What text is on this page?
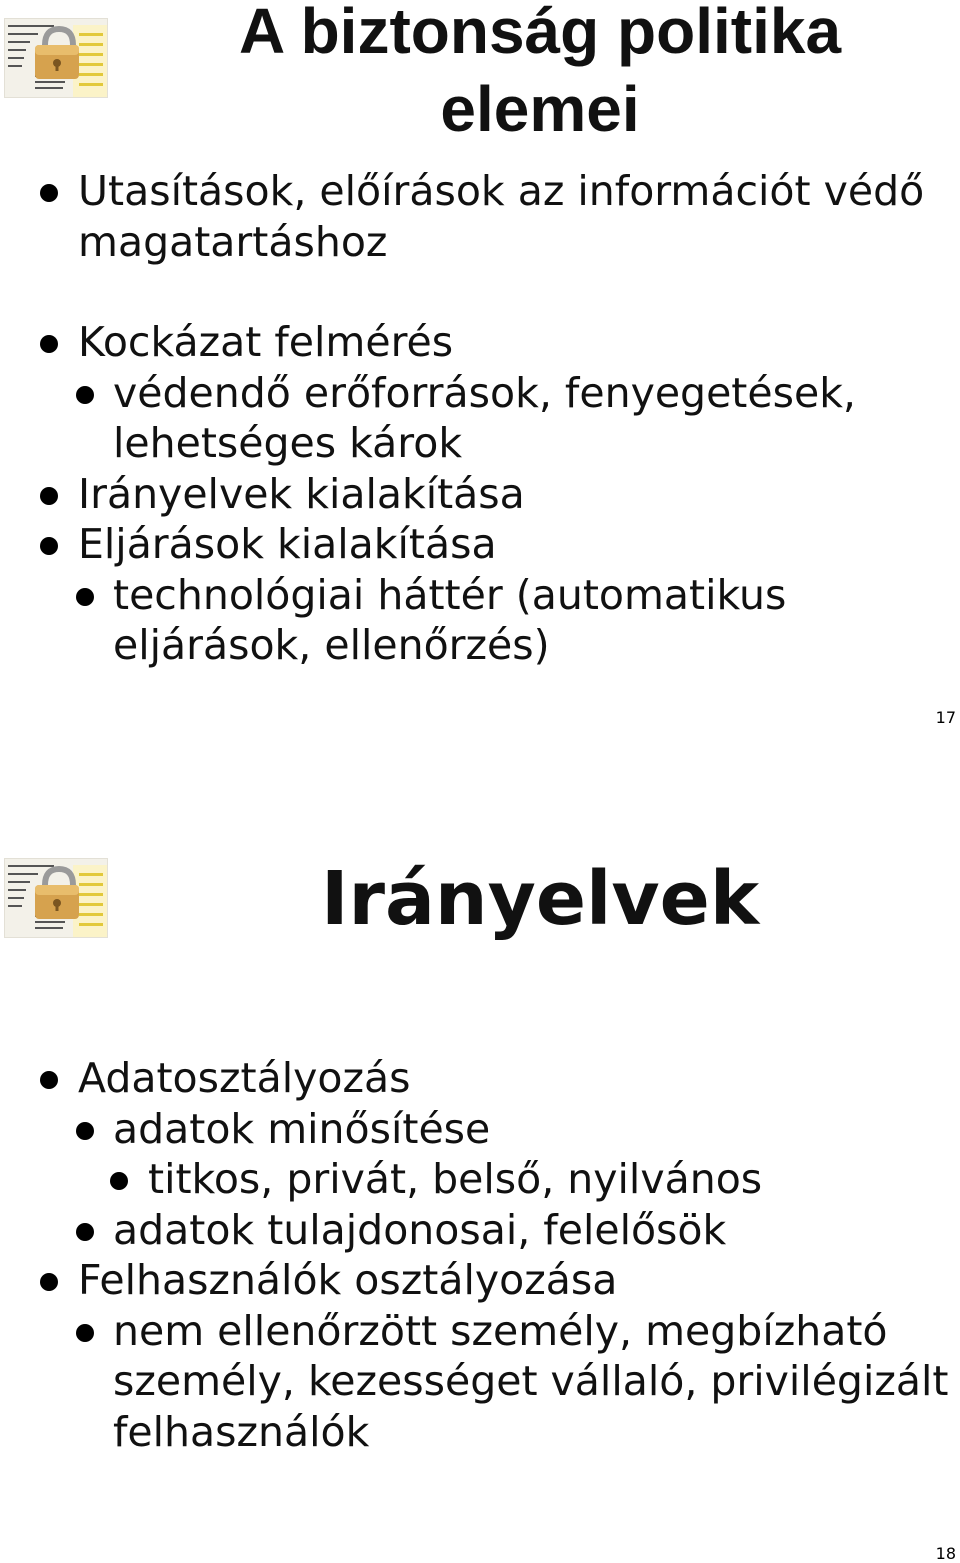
A biztonság politika elemei
Utasítások, előírások az információt védő magatartáshoz
Kockázat felmérés
védendő erőforrások, fenyegetések, lehetséges károk
Irányelvek kialakítása
Eljárások kialakítása
technológiai háttér (automatikus eljárások, ellenőrzés)
17
Irányelvek
Adatosztályozás
adatok minősítése
titkos, privát, belső, nyilvános
adatok tulajdonosai, felelősök
Felhasználók osztályozása
nem ellenőrzött személy, megbízható személy, kezességet vállaló, privilégizált felhasználók
18
